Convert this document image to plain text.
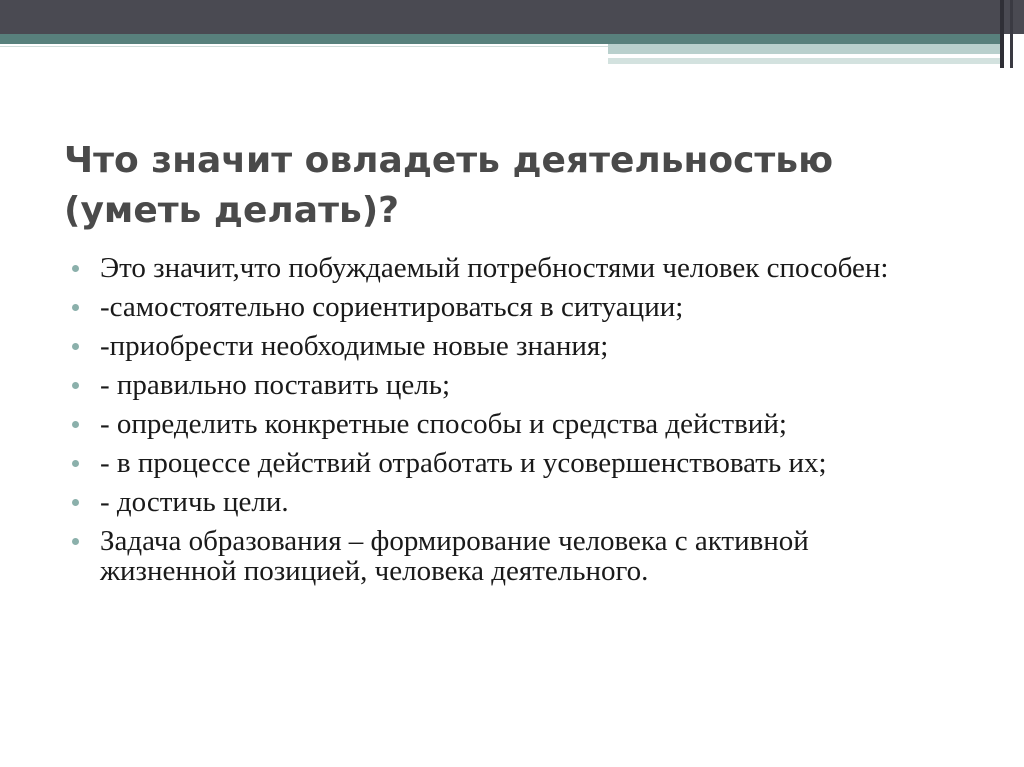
Что значит овладеть деятельностью (уметь делать)?
Это значит,что побуждаемый потребностями человек способен:
-самостоятельно сориентироваться в ситуации;
-приобрести необходимые новые знания;
- правильно поставить цель;
- определить конкретные способы и средства действий;
- в процессе действий отработать и усовершенствовать их;
- достичь цели.
Задача образования – формирование человека с активной жизненной позицией, человека деятельного.
